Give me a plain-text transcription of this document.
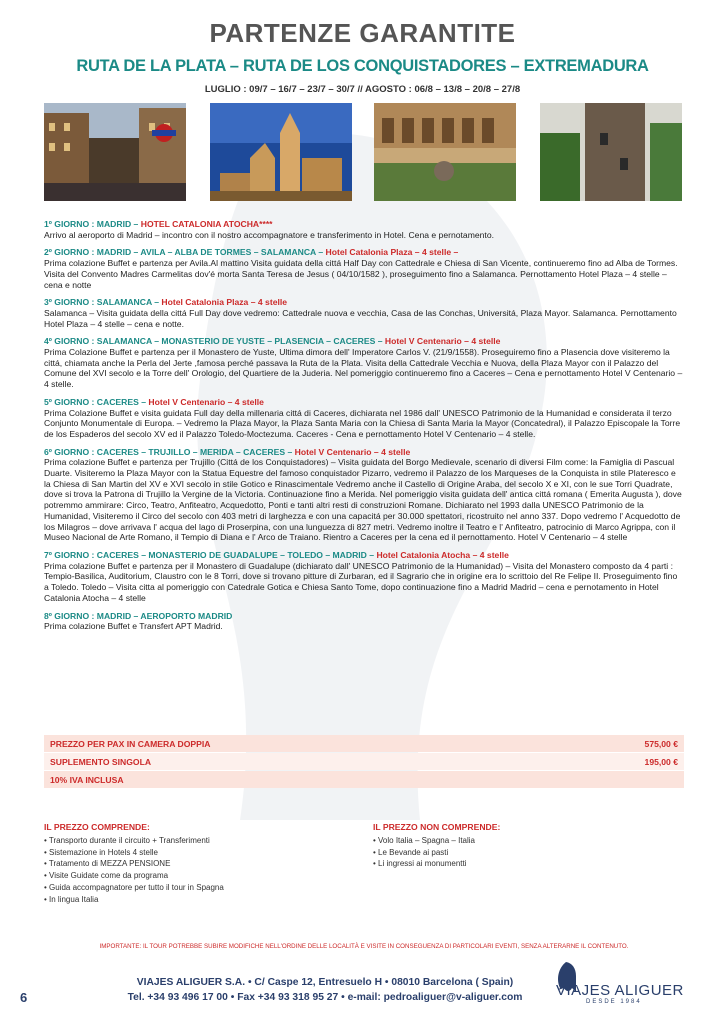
PARTENZE GARANTITE
RUTA DE LA PLATA – RUTA DE LOS CONQUISTADORES – EXTREMADURA
LUGLIO : 09/7 – 16/7 – 23/7 – 30/7 // AGOSTO : 06/8 – 13/8 – 20/8 – 27/8
1º GIORNO : MADRID – HOTEL CATALONIA ATOCHA****
Arrivo al aeroporto di Madrid – incontro con il nostro accompagnatore e transferimento in Hotel. Cena e pernotamento.
2º GIORNO : MADRID – AVILA – ALBA DE TORMES – SALAMANCA – Hotel Catalonia Plaza – 4 stelle –
Prima colazione Buffet e partenza per Avila.Al mattino Visita guidata della cittá Half Day con Cattedrale e Chiesa di San Vicente, continueremo fino ad Alba de Tormes. Visita del Convento Madres Carmelitas dov'é morta Santa Teresa de Jesus ( 04/10/1582 ), proseguimento fino a Salamanca. Pernottamento Hotel Plaza – 4 stelle – cena e notte
3º GIORNO : SALAMANCA – Hotel Catalonia Plaza – 4 stelle
Salamanca – Visita guidata della cittá Full Day dove vedremo: Cattedrale nuova e vecchia, Casa de las Conchas, Universitá, Plaza Mayor. Salamanca. Pernottamento Hotel Plaza – 4 stelle – cena e notte.
4º GIORNO : SALAMANCA – MONASTERIO DE YUSTE – PLASENCIA – CACERES – Hotel V Centenario – 4 stelle
Prima Colazione Buffet e partenza per il Monastero de Yuste, Ultima dimora dell' Imperatore Carlos V. (21/9/1558). Proseguiremo fino a Plasencia dove visiteremo la cittá, chiamata anche la Perla del Jerte ,famosa perché passava la Ruta de la Plata. Visita della Cattedrale Vecchia e Nuova, della Plaza Mayor con il Palazzo del Comune del XVI secolo e la Torre dell' Orologio, del Quartiere de la Juderia. Nel pomeriggio continueremo fino a Caceres – Cena e pernottamento Hotel V Centenario – 4 stelle.
5º GIORNO : CACERES – Hotel V Centenario – 4 stelle
Prima Colazione Buffet e visita guidata Full day della millenaria cittá di Caceres, dichiarata nel 1986 dall' UNESCO Patrimonio de la Humanidad e considerata il terzo Conjunto Monumentale di Europa. – Vedremo la Plaza Mayor, la Plaza Santa Maria con la Chiesa di Santa Maria la Mayor (Concatedral), il Palazzo Episcopale la Torre de los Espaderos del secolo XV ed il Palazzo Toledo-Moctezuma. Caceres - Cena e pernottamento Hotel V Centenario – 4 stelle.
6º GIORNO : CACERES – TRUJILLO – MERIDA – CACERES – Hotel V Centenario – 4 stelle
Prima colazione Buffet e partenza per Trujillo (Cittá de los Conquistadores) – Visita guidata del Borgo Medievale, scenario di diversi Film come: la Famiglia di Pascual Duarte. Visiteremo la Plaza Mayor con la Statua Equestre del famoso conquistador Pizarro, vedremo il Palazzo de los Marqueses de la Conquista in stile Plateresco e la Chiesa di San Martin del XV e XVI secolo in stile Gotico e Rinascimentale Vedremo anche il Castello di Origine Araba, del secolo X e XI, con le sue Torri Quadrate, dove si trova la Patrona di Trujillo la Vergine de la Victoria. Continuazione fino a Merida. Nel pomeriggio visita guidata dell' antica cittá romana ( Emerita Augusta ), dove potremmo ammirare: Circo, Teatro, Anfiteatro, Acquedotto, Ponti e tanti altri resti di construzioni Romane. Dichiarato nel 1993 dalla UNESCO Patrimonio de la Humanidad, Visiteremo il Circo del secolo con 403 metri di larghezza e con una capacitá per 30.000 spettatori, ricostruito nel anno 337. Dopo vedremo l' Acquedotto de los Milagros – dove arrivava l' acqua del lago di Proserpina, con una lunguezza di 827 metri. Vedremo inoltre il Teatro e l' Anfiteatro, patrocinio di Marco Agrippa, con il Museo Nacional de Arte Romano, il Tempio di Diana e l' Arco de Traiano. Rientro a Caceres per la cena ed il pernottamento. Hotel V Centenario – 4 stelle
7º GIORNO : CACERES – MONASTERIO DE GUADALUPE – TOLEDO – MADRID – Hotel Catalonia Atocha – 4 stelle
Prima colazione Buffet e partenza per il Monastero di Guadalupe (dichiarato dall' UNESCO Patrimonio de la Humanidad) – Visita del Monastero composto da 4 parti : Tempio-Basilica, Auditorium, Claustro con le 8 Torri, dove si trovano pitture di Zurbaran, ed il Sagrario che in origine era lo scrittoio del Re Felipe II. Proseguimento fino a Toledo. Toledo – Visita citta al pomeriggio con Catedrale Gotica e Chiesa Santo Tome, dopo continuazione fino a Madrid Madrid – cena e pernotamento in Hotel Catalonia Atocha – 4 stelle
8º GIORNO : MADRID – AEROPORTO MADRID
Prima colazione Buffet e Transfert APT Madrid.
PREZZO PER PAX IN CAMERA DOPPIA	575,00 €
SUPLEMENTO SINGOLA	195,00 €
10% IVA INCLUSA
IL PREZZO COMPRENDE:
• Transporto durante il circuito + Transferimenti
• Sistemazione in Hotels 4 stelle
• Tratamento di MEZZA PENSIONE
• Visite Guidate come da programa
• Guida accompagnatore per tutto il tour in Spagna
• In lingua Italia
IL PREZZO NON COMPRENDE:
• Volo Italia – Spagna – Italia
• Le Bevande ai pasti
• Li ingressi ai monumentti
IMPORTANTE: IL TOUR POTREBBE SUBIRE MODIFICHE NELL'ORDINE DELLE LOCALITÀ E VISITE IN CONSEGUENZA DI PARTICOLARI EVENTI, SENZA ALTERARNE IL CONTENUTO.
6
VIAJES ALIGUER S.A. • C/ Caspe 12, Entresuelo H • 08010 Barcelona ( Spain)
Tel. +34 93 496 17 00 • Fax +34 93 318 95 27 • e-mail: pedroaliguer@v-aliguer.com	VIAJES ALIGUER
DESDE 1984
